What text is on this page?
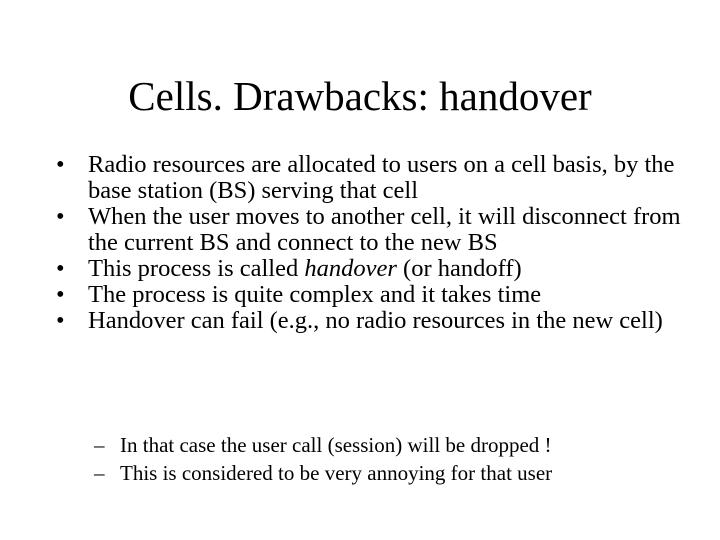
Cells. Drawbacks: handover
• Radio resources are allocated to users on a cell basis, by the base station (BS) serving that cell
• When the user moves to another cell, it will disconnect from the current BS and connect to the new BS
• This process is called handover (or handoff)
• The process is quite complex and it takes time
• Handover can fail (e.g., no radio resources in the new cell)
– In that case the user call (session) will be dropped !
– This is considered to be very annoying for that user
